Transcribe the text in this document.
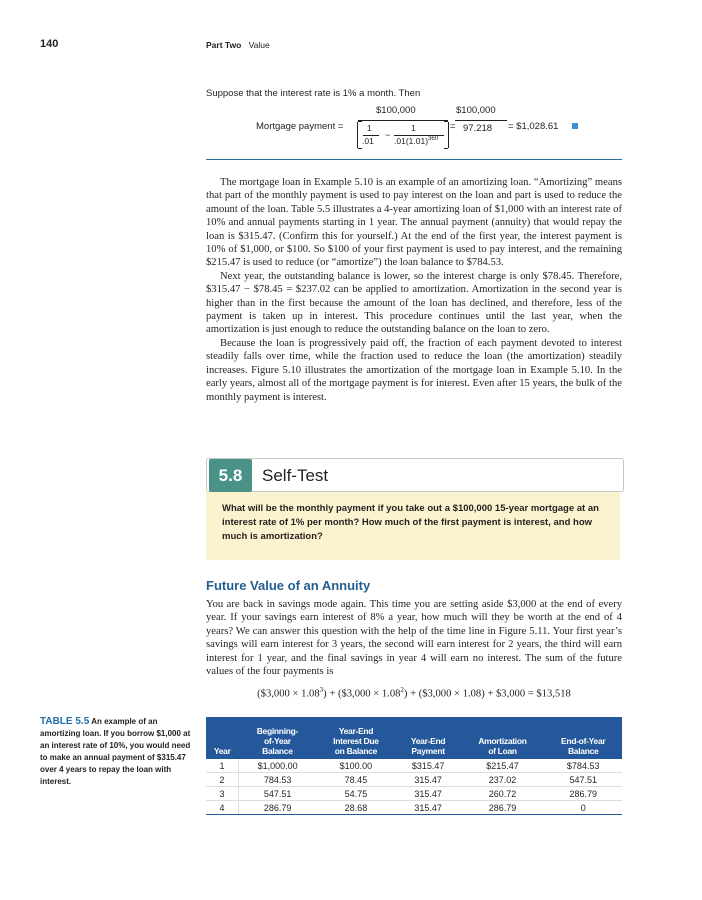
140	Part Two Value
Suppose that the interest rate is 1% a month. Then
Mortgage payment =
$100,000
1
.01
−
1
$.01(1.01)^{360}$
=
$100,000
97.218 = $1,028.61

The mortgage loan in Example 5.10 is an example of an amortizing loan. “Amortizing” means that part of the monthly payment is used to pay interest on the loan and part is used to reduce the amount of the loan. Table 5.5 illustrates a 4-year amortizing loan of $1,000 with an interest rate of 10% and annual payments starting in 1 year. The annual payment (annuity) that would repay the loan is $315.47. (Confirm this for yourself.) At the end of the first year, the interest payment is 10% of $1,000, or $100. So $100 of your first payment is used to pay interest, and the remaining $215.47 is used to reduce (or “amortize”) the loan balance to $784.53.

Next year, the outstanding balance is lower, so the interest charge is only $78.45. Therefore, $315.47 − $78.45 = $237.02 can be applied to amortization. Amortization in the second year is higher than in the first because the amount of the loan has declined, and therefore, less of the payment is taken up in interest. This procedure continues until the last year, when the amortization is just enough to reduce the outstanding balance on the loan to zero.

Because the loan is progressively paid off, the fraction of each payment devoted to interest steadily falls over time, while the fraction used to reduce the loan (the amortization) steadily increases. Figure 5.10 illustrates the amortization of the mortgage loan in Example 5.10. In the early years, almost all of the mortgage payment is for interest. Even after 15 years, the bulk of the monthly payment is interest.

5.8	Self-Test
What will be the monthly payment if you take out a $100,000 15-year mortgage at an interest rate of 1% per month? How much of the first payment is interest, and how much is amortization?
Future Value of an Annuity

You are back in savings mode again. This time you are setting aside $3,000 at the end of every year. If your savings earn interest of 8% a year, how much will they be worth at the end of 4 years? We can answer this question with the help of the time line in Figure 5.11. Your first year’s savings will earn interest for 3 years, the second will earn interest for 2 years, the third will earn interest for 1 year, and the final savings in year 4 will earn no interest. The sum of the future values of the four payments is

($3,000 × $1.08^3$) + ($3,000 × $1.08^2$) + ($3,000 × 1.08) + $3,000 = $13,518
TABLE 5.5 An example of an amortizing loan. If you borrow $1,000 at an interest rate of 10%, you would need to make an annual payment of $315.47 over 4 years to repay the loan with interest.
Year	Beginning-
of-Year
Balance	Year-End
Interest Due
on Balance	Year-End
Payment	Amortization
of Loan	End-of-Year
Balance
1	$1,000.00	$100.00	$315.47	$215.47	$784.53
2	784.53	78.45	315.47	237.02	547.51
3	547.51	54.75	315.47	260.72	286.79
4	286.79	28.68	315.47	286.79	0
